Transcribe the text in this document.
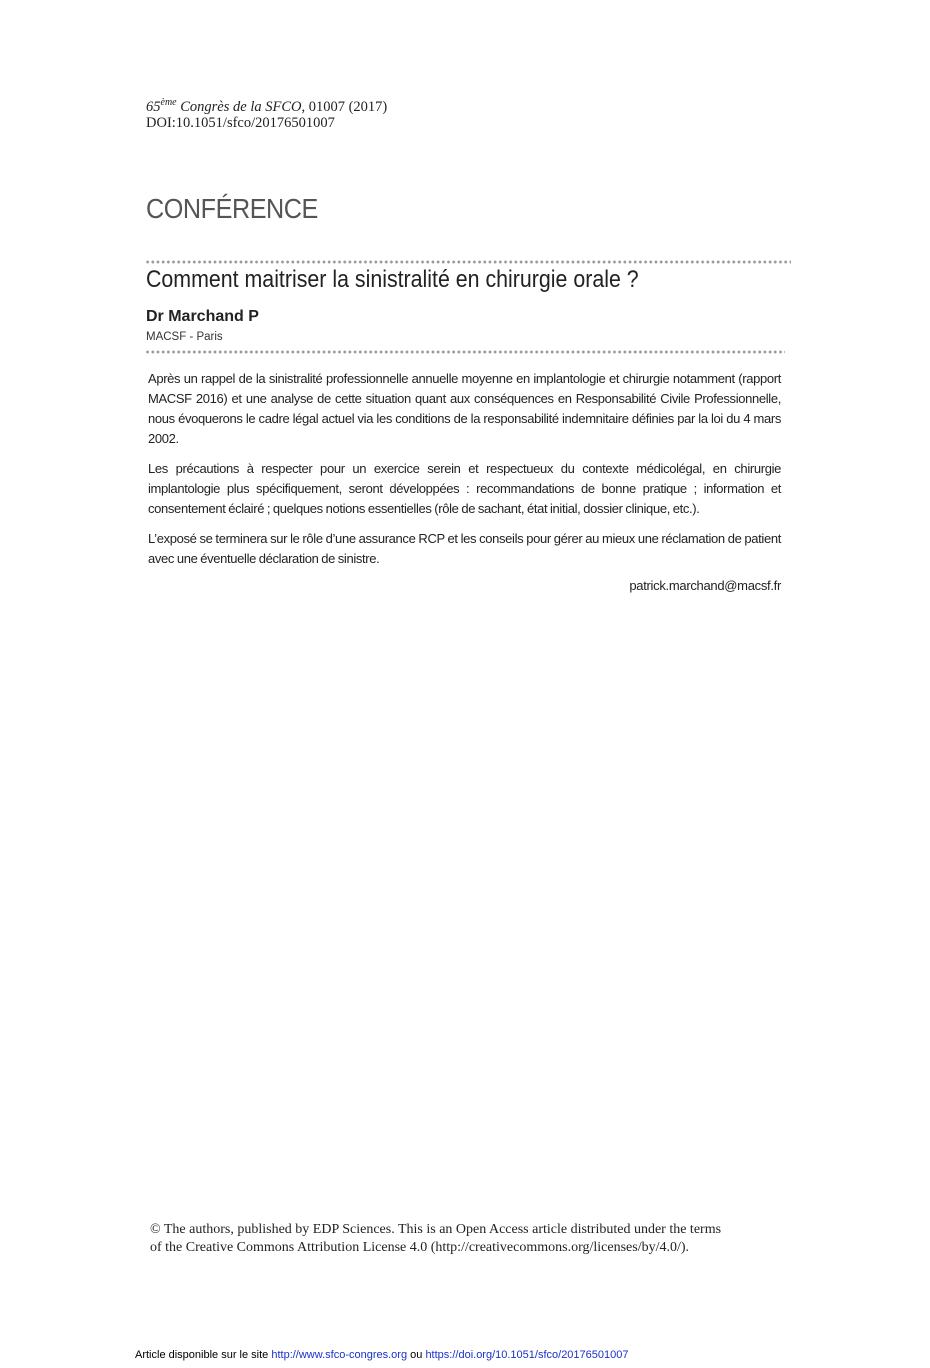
65ème Congrès de la SFCO, 01007 (2017)
DOI:10.1051/sfco/20176501007
CONFÉRENCE
Comment maitriser la sinistralité en chirurgie orale ?
Dr Marchand P
MACSF - Paris

Après un rappel de la sinistralité professionnelle annuelle moyenne en implantologie et chirurgie notamment (rapport MACSF 2016) et une analyse de cette situation quant aux conséquences en Responsabilité Civile Professionnelle, nous évoquerons le cadre légal actuel via les conditions de la responsabilité indemnitaire définies par la loi du 4 mars 2002.

Les précautions à respecter pour un exercice serein et respectueux du contexte médicolégal, en chirurgie implantologie plus spécifiquement, seront développées : recommandations de bonne pratique ; information et consentement éclairé ; quelques notions essentielles (rôle de sachant, état initial, dossier clinique, etc.).

L’exposé se terminera sur le rôle d’une assurance RCP et les conseils pour gérer au mieux une réclamation de patient avec une éventuelle déclaration de sinistre.

patrick.marchand@macsf.fr
© The authors, published by EDP Sciences. This is an Open Access article distributed under the terms
of the Creative Commons Attribution License 4.0 (http://creativecommons.org/licenses/by/4.0/).
Article disponible sur le site http://www.sfco-congres.org ou https://doi.org/10.1051/sfco/20176501007
